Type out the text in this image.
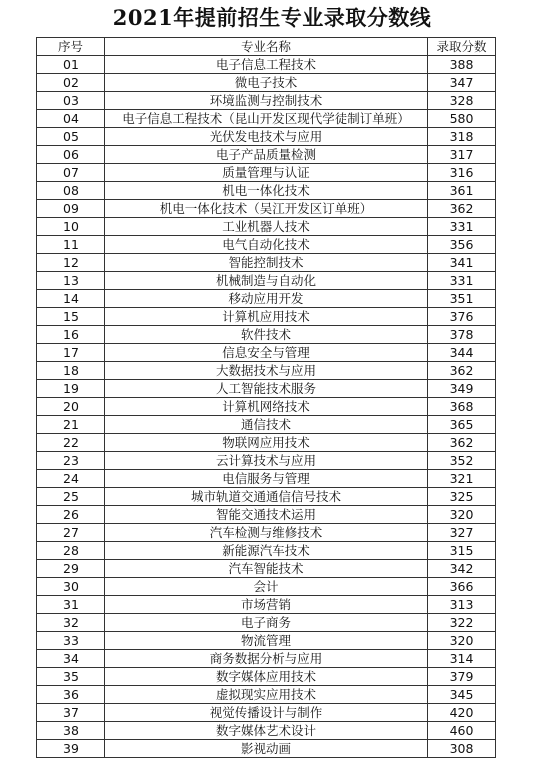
2021年提前招生专业录取分数线
序号	专业名称	录取分数
01	电子信息工程技术	388
02	微电子技术	347
03	环境监测与控制技术	328
04	电子信息工程技术（昆山开发区现代学徒制订单班）	580
05	光伏发电技术与应用	318
06	电子产品质量检测	317
07	质量管理与认证	316
08	机电一体化技术	361
09	机电一体化技术（吴江开发区订单班）	362
10	工业机器人技术	331
11	电气自动化技术	356
12	智能控制技术	341
13	机械制造与自动化	331
14	移动应用开发	351
15	计算机应用技术	376
16	软件技术	378
17	信息安全与管理	344
18	大数据技术与应用	362
19	人工智能技术服务	349
20	计算机网络技术	368
21	通信技术	365
22	物联网应用技术	362
23	云计算技术与应用	352
24	电信服务与管理	321
25	城市轨道交通通信信号技术	325
26	智能交通技术运用	320
27	汽车检测与维修技术	327
28	新能源汽车技术	315
29	汽车智能技术	342
30	会计	366
31	市场营销	313
32	电子商务	322
33	物流管理	320
34	商务数据分析与应用	314
35	数字媒体应用技术	379
36	虚拟现实应用技术	345
37	视觉传播设计与制作	420
38	数字媒体艺术设计	460
39	影视动画	308
